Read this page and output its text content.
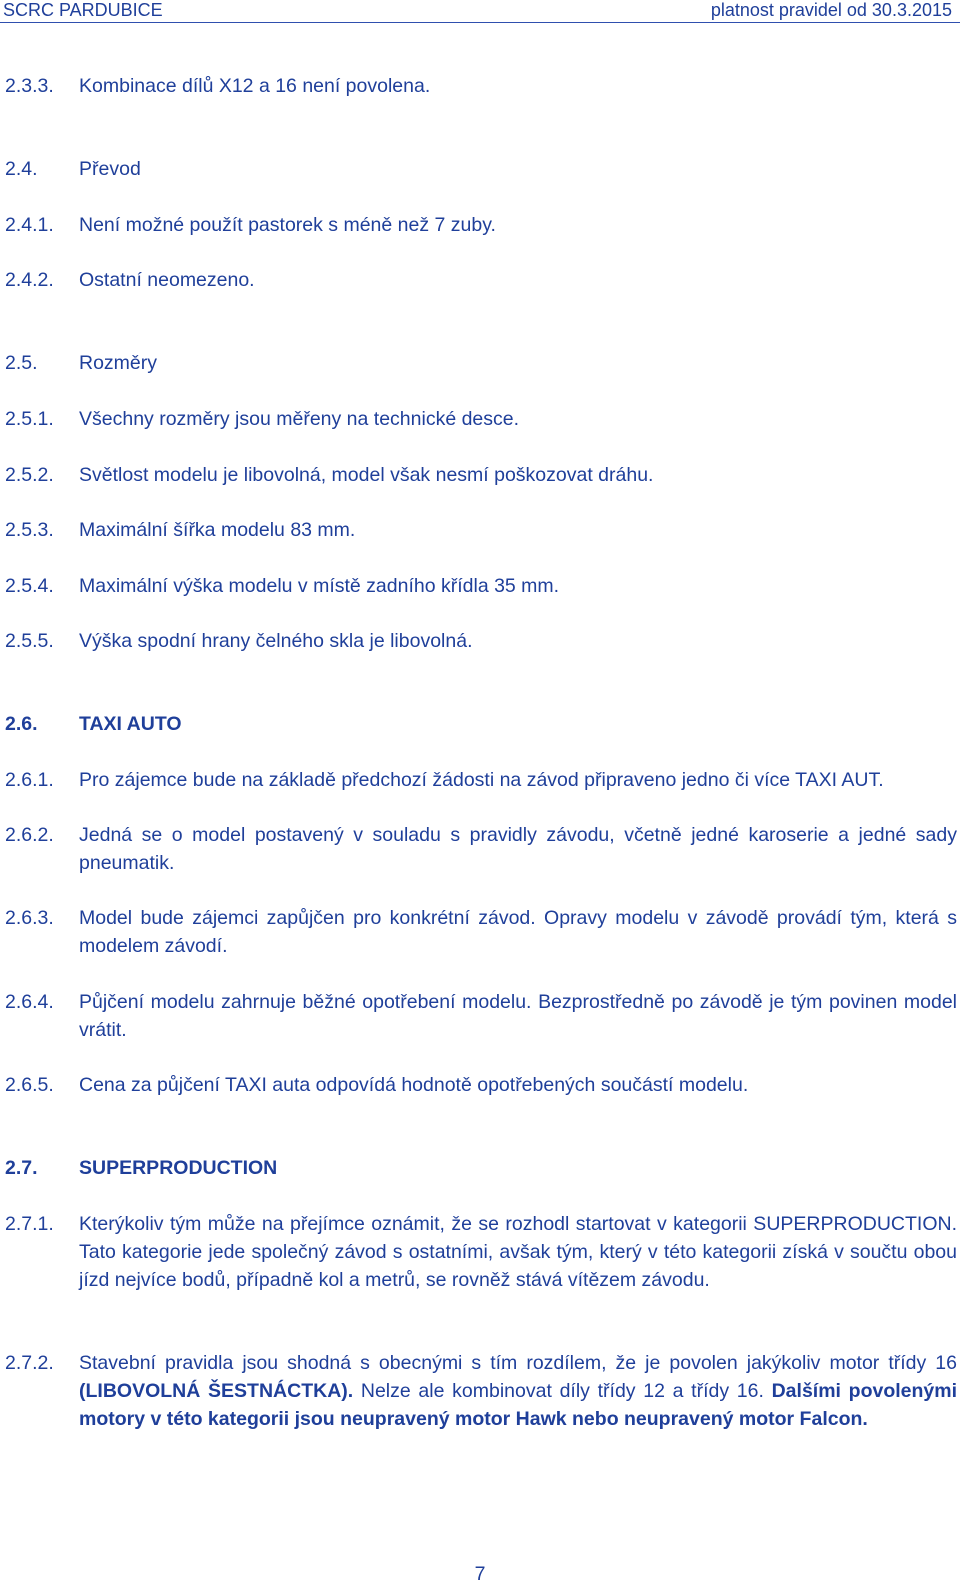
SCRC PARDUBICE	platnost pravidel od 30.3.2015
2.3.3. Kombinace dílů X12 a 16 není povolena.
2.4. Převod
2.4.1. Není možné použít pastorek s méně než 7 zuby.
2.4.2. Ostatní neomezeno.
2.5. Rozměry
2.5.1. Všechny rozměry jsou měřeny na technické desce.
2.5.2. Světlost modelu je libovolná, model však nesmí poškozovat dráhu.
2.5.3. Maximální šířka modelu 83 mm.
2.5.4. Maximální výška modelu v místě zadního křídla 35 mm.
2.5.5. Výška spodní hrany čelného skla je libovolná.
2.6. TAXI AUTO
2.6.1. Pro zájemce bude na základě předchozí žádosti na závod připraveno jedno či více TAXI AUT.
2.6.2. Jedná se o model postavený v souladu s pravidly závodu, včetně jedné karoserie a jedné sady pneumatik.
2.6.3. Model bude zájemci zapůjčen pro konkrétní závod. Opravy modelu v závodě provádí tým, která s modelem závodí.
2.6.4. Půjčení modelu zahrnuje běžné opotřebení modelu. Bezprostředně po závodě je tým povinen model vrátit.
2.6.5. Cena za půjčení TAXI auta odpovídá hodnotě opotřebených součástí modelu.
2.7. SUPERPRODUCTION
2.7.1. Kterýkoliv tým může na přejímce oznámit, že se rozhodl startovat v kategorii SUPERPRODUCTION. Tato kategorie jede společný závod s ostatními, avšak tým, který v této kategorii získá v součtu obou jízd nejvíce bodů, případně kol a metrů, se rovněž stává vítězem závodu.
2.7.2. Stavební pravidla jsou shodná s obecnými s tím rozdílem, že je povolen jakýkoliv motor třídy 16 (LIBOVOLNÁ ŠESTNÁCTKA). Nelze ale kombinovat díly třídy 12 a třídy 16. Dalšími povolenými motory v této kategorii jsou neupravený motor Hawk nebo neupravený motor Falcon.
7
